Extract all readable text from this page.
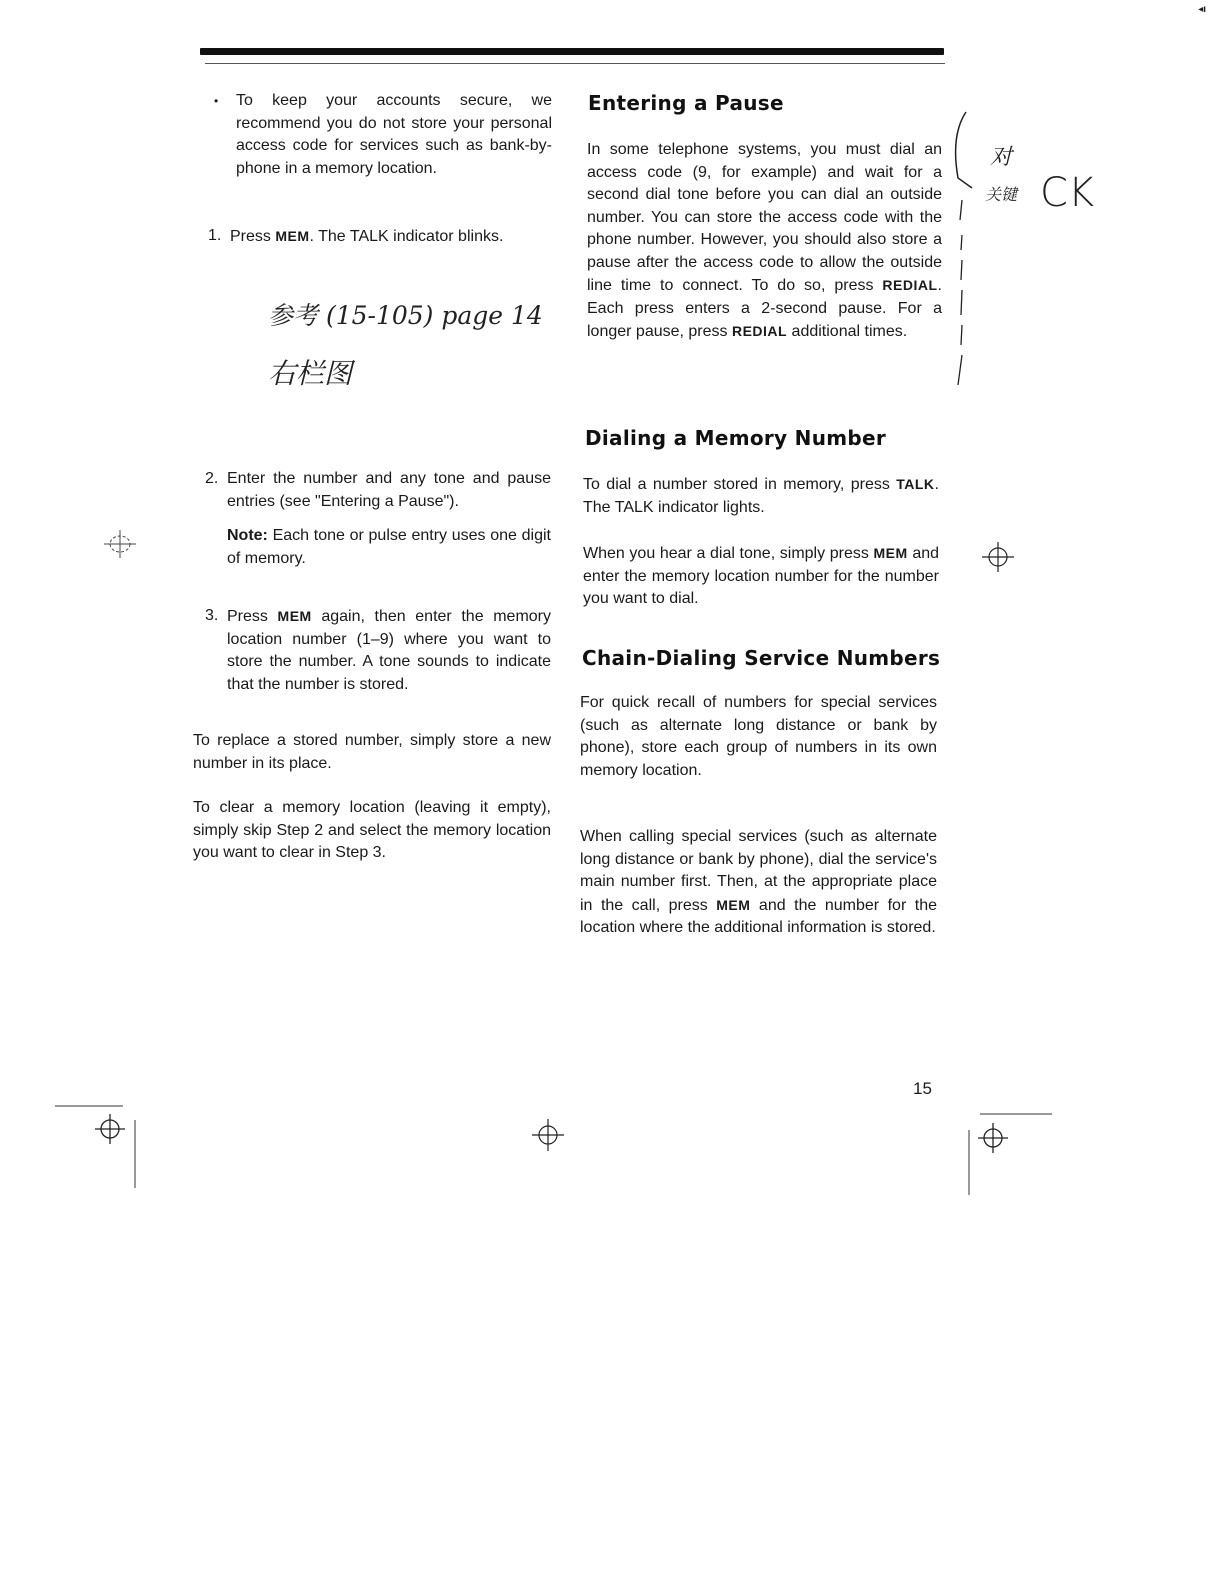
◂ı
• To keep your accounts secure, we recommend you do not store your personal access code for services such as bank-by-phone in a memory location.

1. Press MEM. The TALK indicator blinks.

参考 (15-105) page 14
右栏图
2. Enter the number and any tone and pause entries (see "Entering a Pause").

Note: Each tone or pulse entry uses one digit of memory.

3. Press MEM again, then enter the memory location number (1–9) where you want to store the number. A tone sounds to indicate that the number is stored.

To replace a stored number, simply store a new number in its place.

To clear a memory location (leaving it empty), simply skip Step 2 and select the memory location you want to clear in Step 3.

Entering a Pause

In some telephone systems, you must dial an access code (9, for example) and wait for a second dial tone before you can dial an outside number. You can store the access code with the phone number. However, you should also store a pause after the access code to allow the outside line time to connect. To do so, press REDIAL. Each press enters a 2-second pause. For a longer pause, press REDIAL additional times.

Dialing a Memory Number

To dial a number stored in memory, press TALK. The TALK indicator lights.

When you hear a dial tone, simply press MEM and enter the memory location number for the number you want to dial.

Chain-Dialing Service Numbers

For quick recall of numbers for special services (such as alternate long distance or bank by phone), store each group of numbers in its own memory location.

When calling special services (such as alternate long distance or bank by phone), dial the service's main number first. Then, at the appropriate place in the call, press MEM and the number for the location where the additional information is stored.

15
对
关键 CK
